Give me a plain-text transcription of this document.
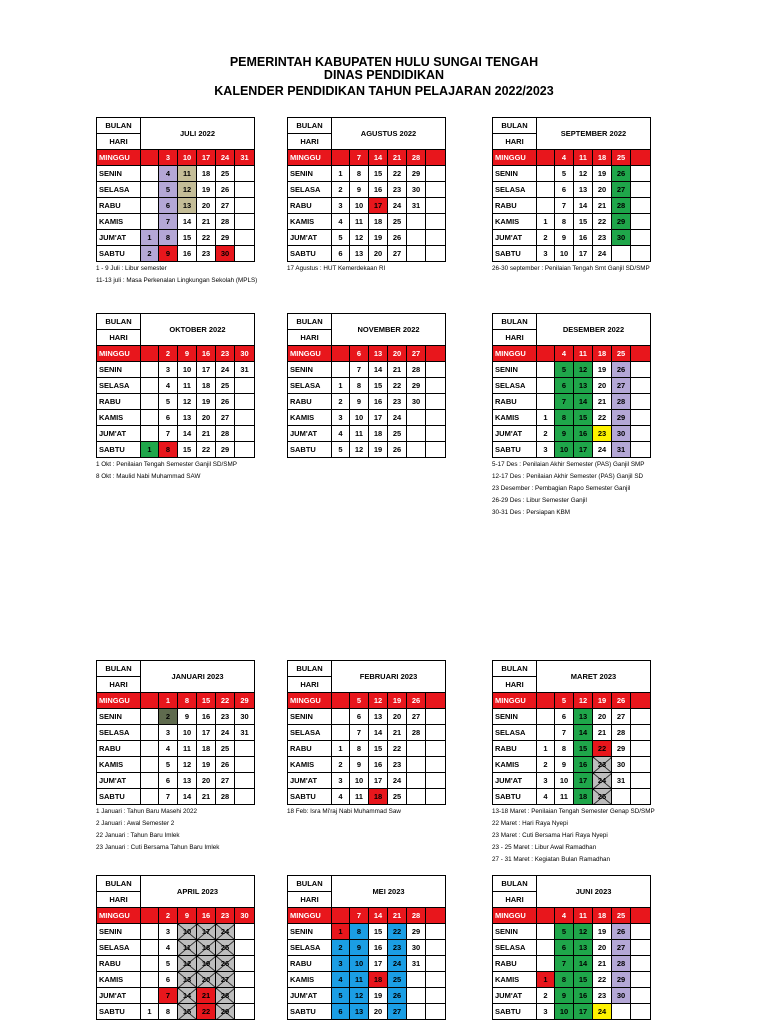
PEMERINTAH KABUPATEN HULU SUNGAI TENGAH
DINAS PENDIDIKAN
KALENDER PENDIDIKAN TAHUN PELAJARAN 2022/2023
BULAN	JULI 2022					
HARI						
MINGGU		3	10	17	24	31
SENIN		4	11	18	25	
SELASA		5	12	19	26	
RABU		6	13	20	27	
KAMIS		7	14	21	28	
JUM'AT	1	8	15	22	29	
SABTU	2	9	16	23	30	
1 - 9 Juli : Libur semester
11-13 juli : Masa Perkenalan Lingkungan Sekolah (MPLS)
BULAN	AGUSTUS 2022					
HARI						
MINGGU		7	14	21	28	
SENIN	1	8	15	22	29	
SELASA	2	9	16	23	30	
RABU	3	10	17	24	31	
KAMIS	4	11	18	25		
JUM'AT	5	12	19	26		
SABTU	6	13	20	27		
17 Agustus : HUT Kemerdekaan RI
BULAN	SEPTEMBER 2022					
HARI						
MINGGU		4	11	18	25	
SENIN		5	12	19	26	
SELASA		6	13	20	27	
RABU		7	14	21	28	
KAMIS	1	8	15	22	29	
JUM'AT	2	9	16	23	30	
SABTU	3	10	17	24		
26-30 september : Penilaian Tengah Smt Ganjil SD/SMP
BULAN	OKTOBER 2022					
HARI						
MINGGU		2	9	16	23	30
SENIN		3	10	17	24	31
SELASA		4	11	18	25	
RABU		5	12	19	26	
KAMIS		6	13	20	27	
JUM'AT		7	14	21	28	
SABTU	1	8	15	22	29	
1 Okt : Penilaian Tengah Semester Ganjil SD/SMP
8 Okt : Maulid Nabi Muhammad SAW
BULAN	NOVEMBER 2022					
HARI						
MINGGU		6	13	20	27	
SENIN		7	14	21	28	
SELASA	1	8	15	22	29	
RABU	2	9	16	23	30	
KAMIS	3	10	17	24		
JUM'AT	4	11	18	25		
SABTU	5	12	19	26		
BULAN	DESEMBER 2022					
HARI						
MINGGU		4	11	18	25	
SENIN		5	12	19	26	
SELASA		6	13	20	27	
RABU		7	14	21	28	
KAMIS	1	8	15	22	29	
JUM'AT	2	9	16	23	30	
SABTU	3	10	17	24	31	
5-17 Des : Penilaian Akhir Semester (PAS) Ganjil SMP
12-17 Des : Penilaian Akhir Semester (PAS) Ganjil SD
23 Desember : Pembagian Rapo Semester Ganjil
26-29 Des : Libur Semester Ganjil
30-31 Des : Persiapan KBM
BULAN	JANUARI 2023					
HARI						
MINGGU		1	8	15	22	29
SENIN		2	9	16	23	30
SELASA		3	10	17	24	31
RABU		4	11	18	25	
KAMIS		5	12	19	26	
JUM'AT		6	13	20	27	
SABTU		7	14	21	28	
1 Januari : Tahun Baru Masehi 2022
2 Januari : Awal Semester 2
22 Januari : Tahun Baru Imlek
23 Januari : Cuti Bersama Tahun Baru Imlek
BULAN	FEBRUARI 2023					
HARI						
MINGGU		5	12	19	26	
SENIN		6	13	20	27	
SELASA		7	14	21	28	
RABU	1	8	15	22		
KAMIS	2	9	16	23		
JUM'AT	3	10	17	24		
SABTU	4	11	18	25		
18 Feb: Isra Mi'raj Nabi Muhammad Saw
BULAN	MARET 2023					
HARI						
MINGGU		5	12	19	26	
SENIN		6	13	20	27	
SELASA		7	14	21	28	
RABU	1	8	15	22	29	
KAMIS	2	9	16	23	30	
JUM'AT	3	10	17	24	31	
SABTU	4	11	18	25		
13-18 Maret : Penilaian Tengah Semester Genap SD/SMP
22 Maret : Hari Raya Nyepi
23 Maret : Cuti Bersama Hari Raya Nyepi
23 - 25 Maret : Libur Awal Ramadhan
27 - 31 Maret : Kegiatan Bulan Ramadhan
BULAN	APRIL 2023					
HARI						
MINGGU		2	9	16	23	30
SENIN		3	10	17	24	
SELASA		4	11	18	25	
RABU		5	12	19	26	
KAMIS		6	13	20	27	
JUM'AT		7	14	21	28	
SABTU	1	8	15	22	29	
BULAN	MEI 2023					
HARI						
MINGGU		7	14	21	28	
SENIN	1	8	15	22	29	
SELASA	2	9	16	23	30	
RABU	3	10	17	24	31	
KAMIS	4	11	18	25		
JUM'AT	5	12	19	26		
SABTU	6	13	20	27		
BULAN	JUNI 2023					
HARI						
MINGGU		4	11	18	25	
SENIN		5	12	19	26	
SELASA		6	13	20	27	
RABU		7	14	21	28	
KAMIS	1	8	15	22	29	
JUM'AT	2	9	16	23	30	
SABTU	3	10	17	24		
